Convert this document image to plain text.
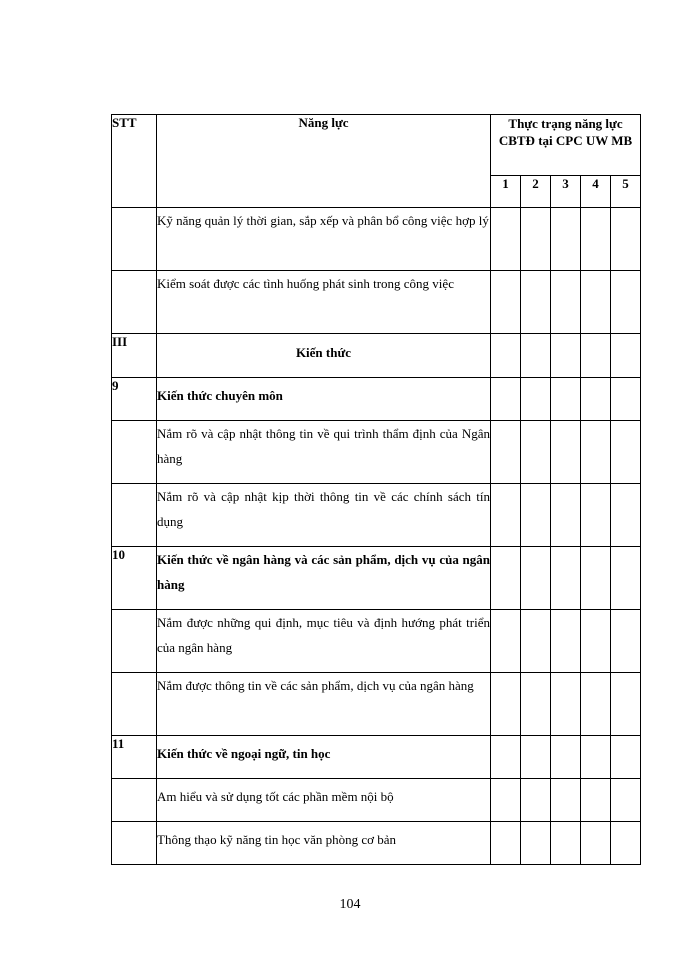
STT	Năng lực	Thực trạng năng lực CBTĐ tại CPC UW MB				
		1	2	3	4	5
	Kỹ năng quản lý thời gian, sắp xếp và phân bổ công việc hợp lý					
	Kiểm soát được các tình huống phát sinh trong công việc					
III	Kiến thức					
9	Kiến thức chuyên môn					
	Nắm rõ và cập nhật thông tin về qui trình thẩm định của Ngân hàng					
	Nắm rõ và cập nhật kịp thời thông tin về các chính sách tín dụng					
10	Kiến thức về ngân hàng và các sản phẩm, dịch vụ của ngân hàng					
	Nắm được những qui định, mục tiêu và định hướng phát triển của ngân hàng					
	Nắm được thông tin về các sản phẩm, dịch vụ của ngân hàng					
11	Kiến thức về ngoại ngữ, tin học					
	Am hiểu và sử dụng tốt các phần mềm nội bộ					
	Thông thạo kỹ năng tin học văn phòng cơ bản					
104
